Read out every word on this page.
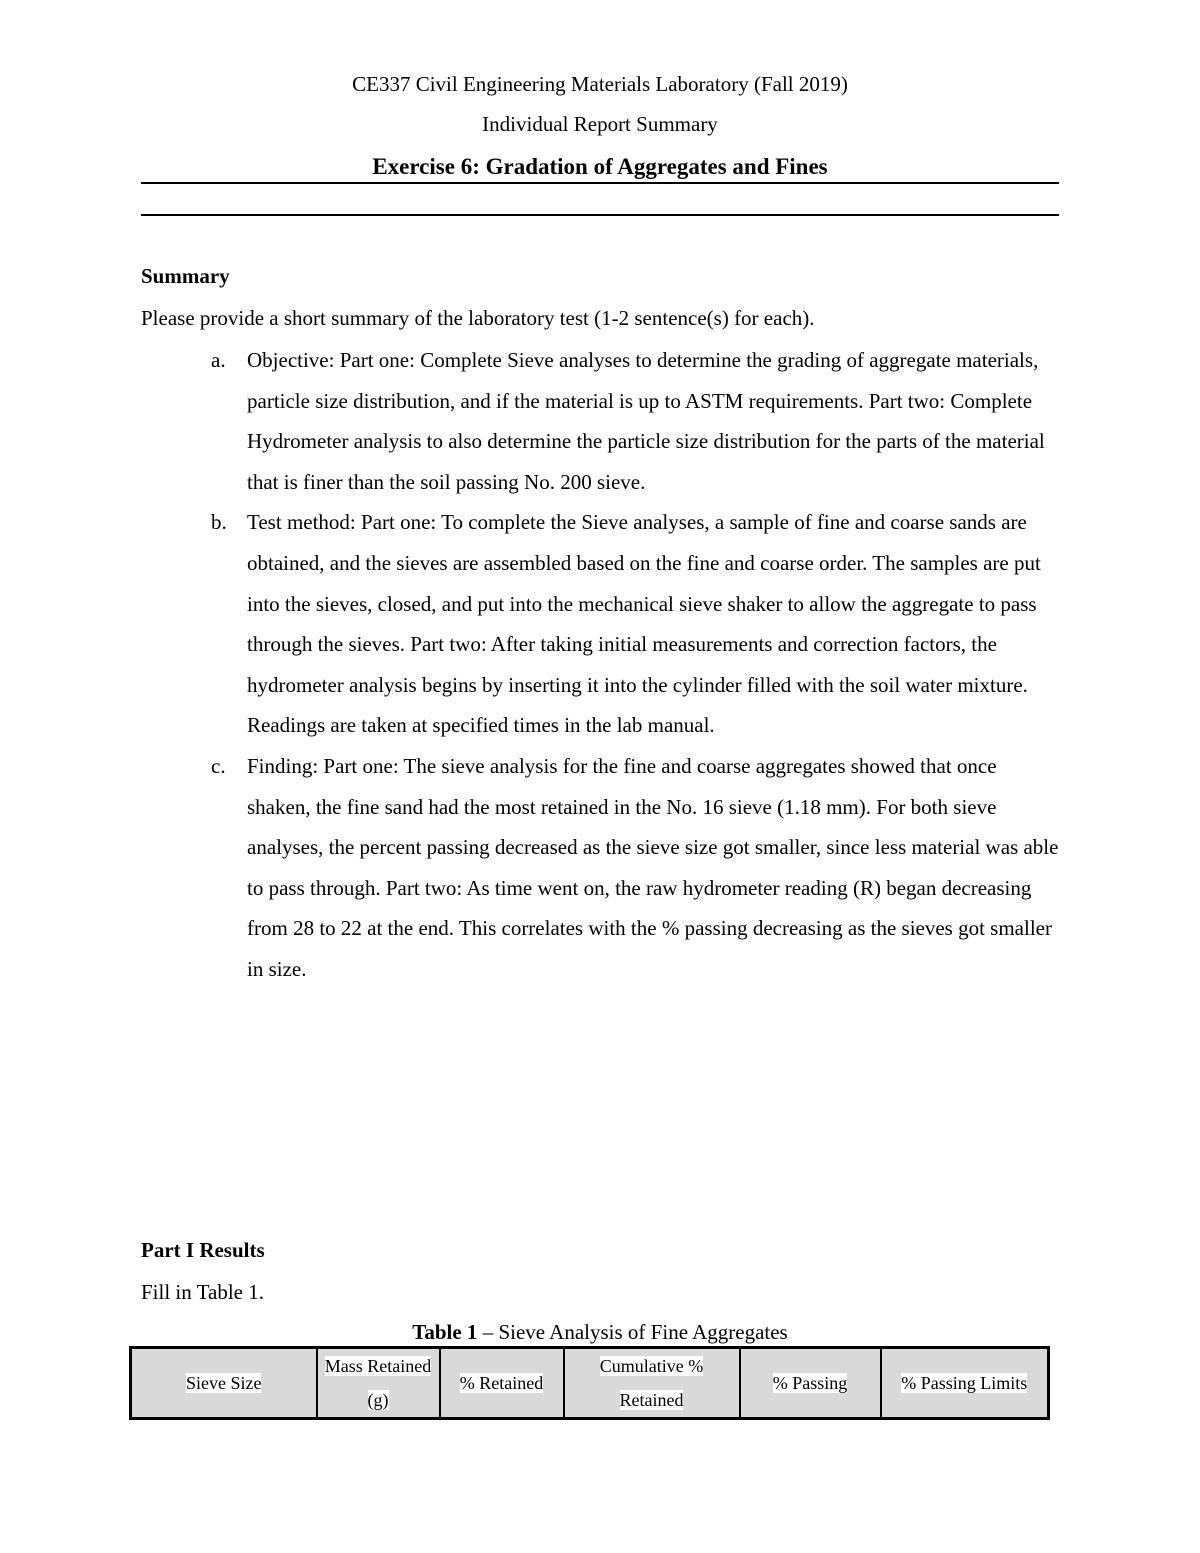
CE337 Civil Engineering Materials Laboratory (Fall 2019)
Individual Report Summary
Exercise 6: Gradation of Aggregates and Fines
Summary
Please provide a short summary of the laboratory test (1-2 sentence(s) for each).
a. Objective: Part one: Complete Sieve analyses to determine the grading of aggregate materials, particle size distribution, and if the material is up to ASTM requirements. Part two: Complete Hydrometer analysis to also determine the particle size distribution for the parts of the material that is finer than the soil passing No. 200 sieve.
b. Test method: Part one: To complete the Sieve analyses, a sample of fine and coarse sands are obtained, and the sieves are assembled based on the fine and coarse order. The samples are put into the sieves, closed, and put into the mechanical sieve shaker to allow the aggregate to pass through the sieves. Part two: After taking initial measurements and correction factors, the hydrometer analysis begins by inserting it into the cylinder filled with the soil water mixture. Readings are taken at specified times in the lab manual.
c. Finding: Part one: The sieve analysis for the fine and coarse aggregates showed that once shaken, the fine sand had the most retained in the No. 16 sieve (1.18 mm). For both sieve analyses, the percent passing decreased as the sieve size got smaller, since less material was able to pass through. Part two: As time went on, the raw hydrometer reading (R) began decreasing from 28 to 22 at the end. This correlates with the % passing decreasing as the sieves got smaller in size.
Part I Results
Fill in Table 1.
Table 1 – Sieve Analysis of Fine Aggregates
Sieve Size	Mass Retained (g)	% Retained	Cumulative % Retained	% Passing	% Passing Limits
